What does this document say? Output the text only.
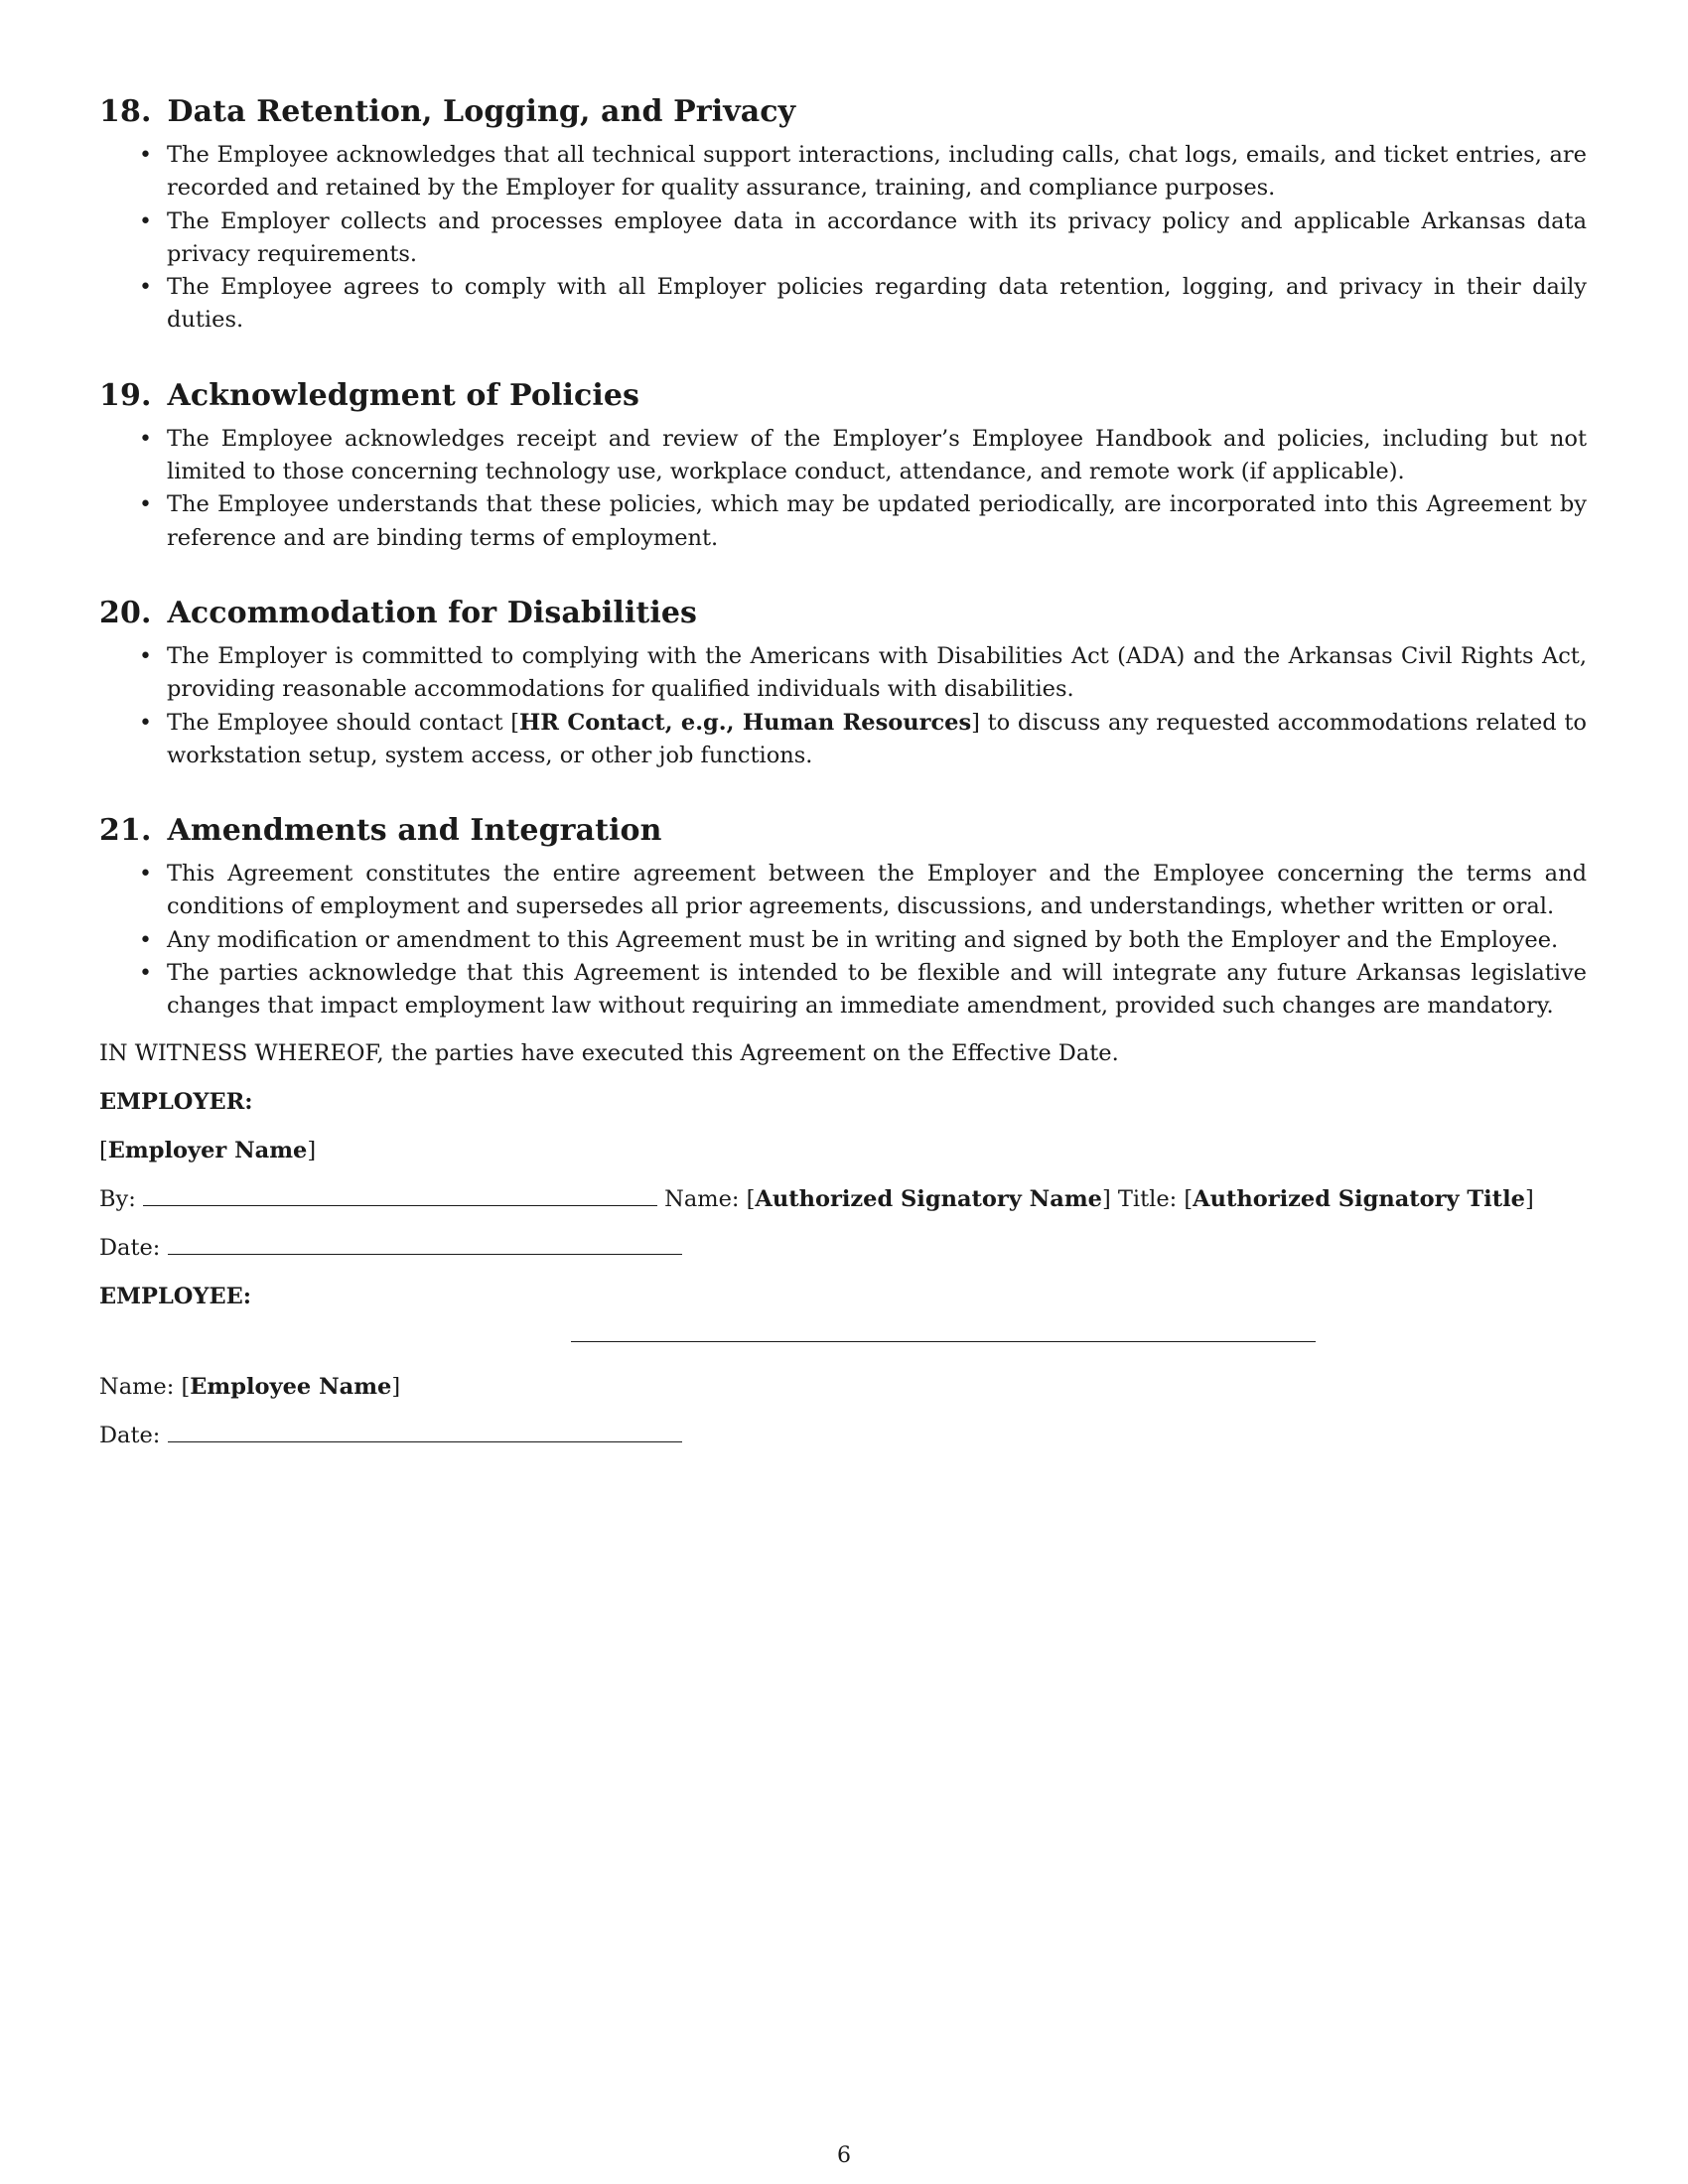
18. Data Retention, Logging, and Privacy
• The Employee acknowledges that all technical support interactions, including calls, chat logs, emails, and ticket entries, are recorded and retained by the Employer for quality assurance, training, and compliance purposes.
• The Employer collects and processes employee data in accordance with its privacy policy and applicable Arkansas data privacy requirements.
• The Employee agrees to comply with all Employer policies regarding data retention, logging, and privacy in their daily duties.
19. Acknowledgment of Policies
• The Employee acknowledges receipt and review of the Employer’s Employee Handbook and policies, including but not limited to those concerning technology use, workplace conduct, attendance, and remote work (if applicable).
• The Employee understands that these policies, which may be updated periodically, are incorporated into this Agreement by reference and are binding terms of employment.
20. Accommodation for Disabilities
• The Employer is committed to complying with the Americans with Disabilities Act (ADA) and the Arkansas Civil Rights Act, providing reasonable accommodations for qualified individuals with disabilities.
• The Employee should contact [HR Contact, e.g., Human Resources] to discuss any requested accommodations related to workstation setup, system access, or other job functions.
21. Amendments and Integration
• This Agreement constitutes the entire agreement between the Employer and the Employee concerning the terms and conditions of employment and supersedes all prior agreements, discussions, and understandings, whether written or oral.
• Any modification or amendment to this Agreement must be in writing and signed by both the Employer and the Employee.
• The parties acknowledge that this Agreement is intended to be flexible and will integrate any future Arkansas legislative changes that impact employment law without requiring an immediate amendment, provided such changes are mandatory.

IN WITNESS WHEREOF, the parties have executed this Agreement on the Effective Date.

EMPLOYER:

[Employer Name]

By:	Name: [Authorized Signatory Name] Title: [Authorized Signatory Title]

Date:

EMPLOYEE:

Name: [Employee Name]

Date:

6
